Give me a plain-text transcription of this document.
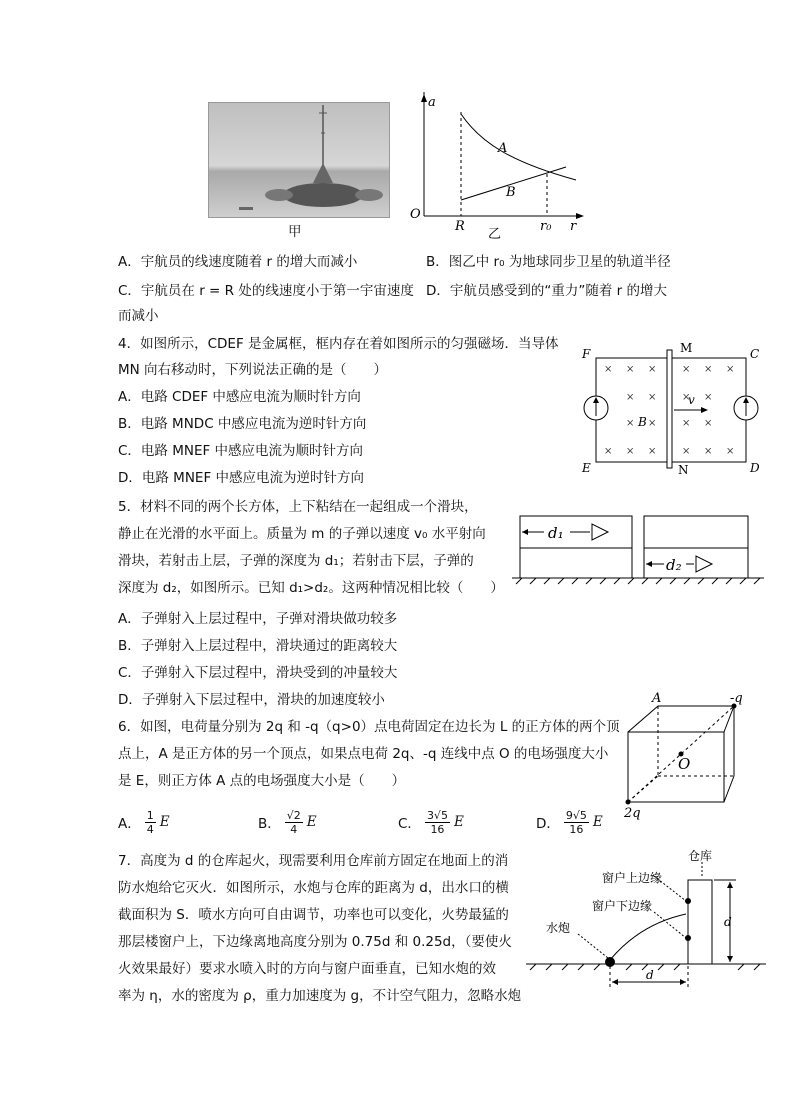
甲
a
A
B
O
R	r₀ r
乙
A．宇航员的线速度随着 r 的增大而减小	B．图乙中 r₀ 为地球同步卫星的轨道半径
C．宇航员在 r = R 处的线速度小于第一宇宙速度 D．宇航员感受到的“重力”随着 r 的增大
而减小
4．如图所示，CDEF 是金属框，框内存在着如图所示的匀强磁场．当导体
MN 向右移动时，下列说法正确的是（　　）
A．电路 CDEF 中感应电流为顺时针方向
B．电路 MNDC 中感应电流为逆时针方向
C．电路 MNEF 中感应电流为顺时针方向
D．电路 MNEF 中感应电流为逆时针方向
× × ×	× × ×
× ×	× ×
× ×	× ×
× × ×	× × ×
F	M	C
E	N	D
B
v
5．材料不同的两个长方体，上下粘结在一起组成一个滑块，
静止在光滑的水平面上。质量为 m 的子弹以速度 v₀ 水平射向
滑块，若射击上层，子弹的深度为 d₁；若射击下层，子弹的
深度为 d₂，如图所示。已知 d₁>d₂。这两种情况相比较（　　）
A．子弹射入上层过程中，子弹对滑块做功较多
B．子弹射入上层过程中，滑块通过的距离较大
C．子弹射入下层过程中，滑块受到的冲量较大
D．子弹射入下层过程中，滑块的加速度较小
d₁
d₂
6．如图，电荷量分别为 2q 和 -q（q>0）点电荷固定在边长为 L 的正方体的两个顶
点上，A 是正方体的另一个顶点，如果点电荷 2q、-q 连线中点 O 的电场强度大小
是 E，则正方体 A 点的电场强度大小是（　　）
A． $\frac{1}{4}$ E	B． $\frac{√2}{4}$ E	C． $\frac{3√5}{16}$ E	D． $\frac{9√5}{16}$ E
A	-q
O
2q
7．高度为 d 的仓库起火，现需要利用仓库前方固定在地面上的消
防水炮给它灭火．如图所示，水炮与仓库的距离为 d，出水口的横
截面积为 S．喷水方向可自由调节，功率也可以变化，火势最猛的
那层楼窗户上，下边缘离地高度分别为 0.75d 和 0.25d，（要使火
火效果最好）要求水喷入时的方向与窗户面垂直，已知水炮的效
率为 η，水的密度为 ρ，重力加速度为 g，不计空气阻力，忽略水炮
仓库
窗户上边缘
窗户下边缘
水炮	d
d
